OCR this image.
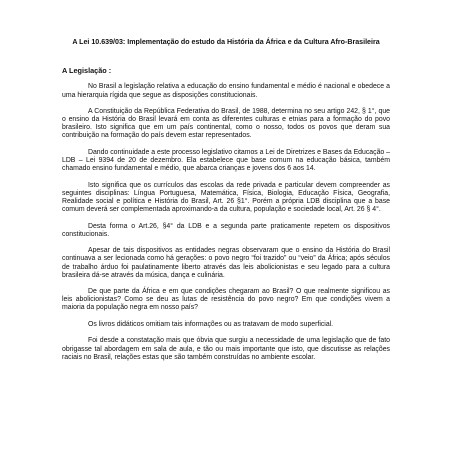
A Lei 10.639/03: Implementação do estudo da História da África e da Cultura Afro-Brasileira
A Legislação :

No Brasil a legislação relativa a educação do ensino fundamental e médio é nacional e obedece a uma hierarquia rígida que segue as disposições constitucionais.

A Constituição da República Federativa do Brasil, de 1988, determina no seu artigo 242, § 1°, que o ensino da História do Brasil levará em conta as diferentes culturas e etnias para a formação do povo brasileiro. Isto significa que em um país continental, como o nosso, todos os povos que deram sua contribuição na formação do país devem estar representados.

Dando continuidade a este processo legislativo citamos a Lei de Diretrizes e Bases da Educação – LDB – Lei 9394 de 20 de dezembro. Ela estabelece que base comum na educação básica, também chamado ensino fundamental e médio, que abarca crianças e jovens dos 6 aos 14.

Isto significa que os currículos das escolas da rede privada e particular devem compreender as seguintes disciplinas: Língua Portuguesa, Matemática, Física, Biologia, Educação Física, Geografia, Realidade social e política e História do Brasil, Art. 26 §1°. Porém a própria LDB disciplina que a base comum deverá ser complementada aproximando-a da cultura, população e sociedade local, Art. 26 § 4°.

Desta forma o Art.26, §4° da LDB e a segunda parte praticamente repetem os dispositivos constitucionais.

Apesar de tais dispositivos as entidades negras observaram que o ensino da História do Brasil continuava a ser lecionada como há gerações: o povo negro “foi trazido” ou “veio” da África; após séculos de trabalho árduo foi paulatinamente liberto através das leis abolicionistas e seu legado para a cultura brasileira dá-se através da música, dança e culinária.

De que parte da África e em que condições chegaram ao Brasil? O que realmente significou as leis abolicionistas? Como se deu as lutas de resistência do povo negro? Em que condições vivem a maioria da população negra em nosso país?

Os livros didáticos omitiam tais informações ou as tratavam de modo superficial.

Foi desde a constatação mais que óbvia que surgiu a necessidade de uma legislação que de fato obrigasse tal abordagem em sala de aula, e tão ou mais importante que isto, que discutisse as relações raciais no Brasil, relações estas que são também construídas no ambiente escolar.
